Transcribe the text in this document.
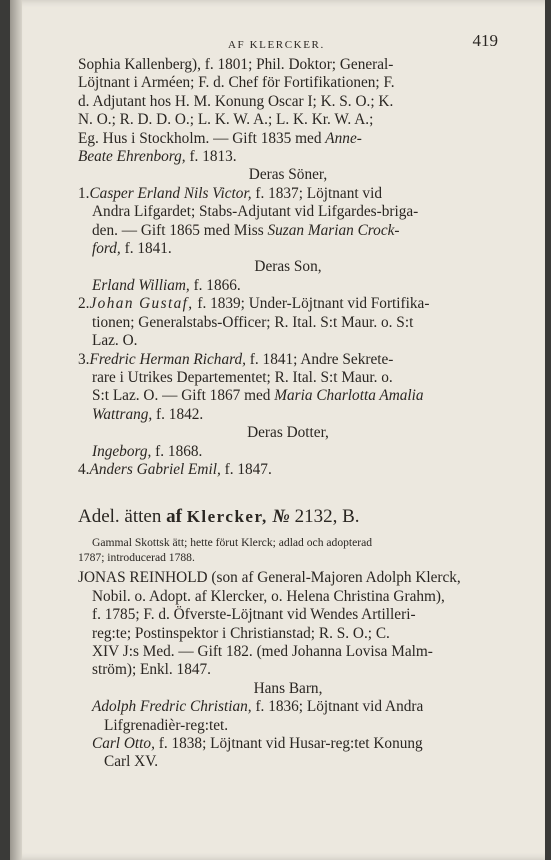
AF KLERCKER.	419

Sophia Kallenberg), f. 1801; Phil. Doktor; General-

Löjtnant i Arméen; F. d. Chef för Fortifikationen; F.

d. Adjutant hos H. M. Konung Oscar I; K. S. O.; K.

N. O.; R. D. D. O.; L. K. W. A.; L. K. Kr. W. A.;

Eg. Hus i Stockholm. — Gift 1835 med Anne-

Beate Ehrenborg, f. 1813.

Deras Söner,

1.Casper Erland Nils Victor, f. 1837; Löjtnant vid

Andra Lifgardet; Stabs-Adjutant vid Lifgardes-briga-

den. — Gift 1865 med Miss Suzan Marian Crock-

ford, f. 1841.

Deras Son,

Erland William, f. 1866.

2.Johan Gustaf, f. 1839; Under-Löjtnant vid Fortifika-

tionen; Generalstabs-Officer; R. Ital. S:t Maur. o. S:t

Laz. O.

3.Fredric Herman Richard, f. 1841; Andre Sekrete-

rare i Utrikes Departementet; R. Ital. S:t Maur. o.

S:t Laz. O. — Gift 1867 med Maria Charlotta Amalia

Wattrang, f. 1842.

Deras Dotter,

Ingeborg, f. 1868.

4.Anders Gabriel Emil, f. 1847.

Adel. ätten af Klercker, № 2132, B.

Gammal Skottsk ätt; hette förut Klerck; adlad och adopterad
1787; introducerad 1788.

JONAS REINHOLD (son af General-Majoren Adolph Klerck,

Nobil. o. Adopt. af Klercker, o. Helena Christina Grahm),

f. 1785; F. d. Öfverste-Löjtnant vid Wendes Artilleri-

reg:te; Postinspektor i Christianstad; R. S. O.; C.

XIV J:s Med. — Gift 182. (med Johanna Lovisa Malm-

ström); Enkl. 1847.

Hans Barn,

Adolph Fredric Christian, f. 1836; Löjtnant vid Andra

Lifgrenadièr-reg:tet.

Carl Otto, f. 1838; Löjtnant vid Husar-reg:tet Konung

Carl XV.
